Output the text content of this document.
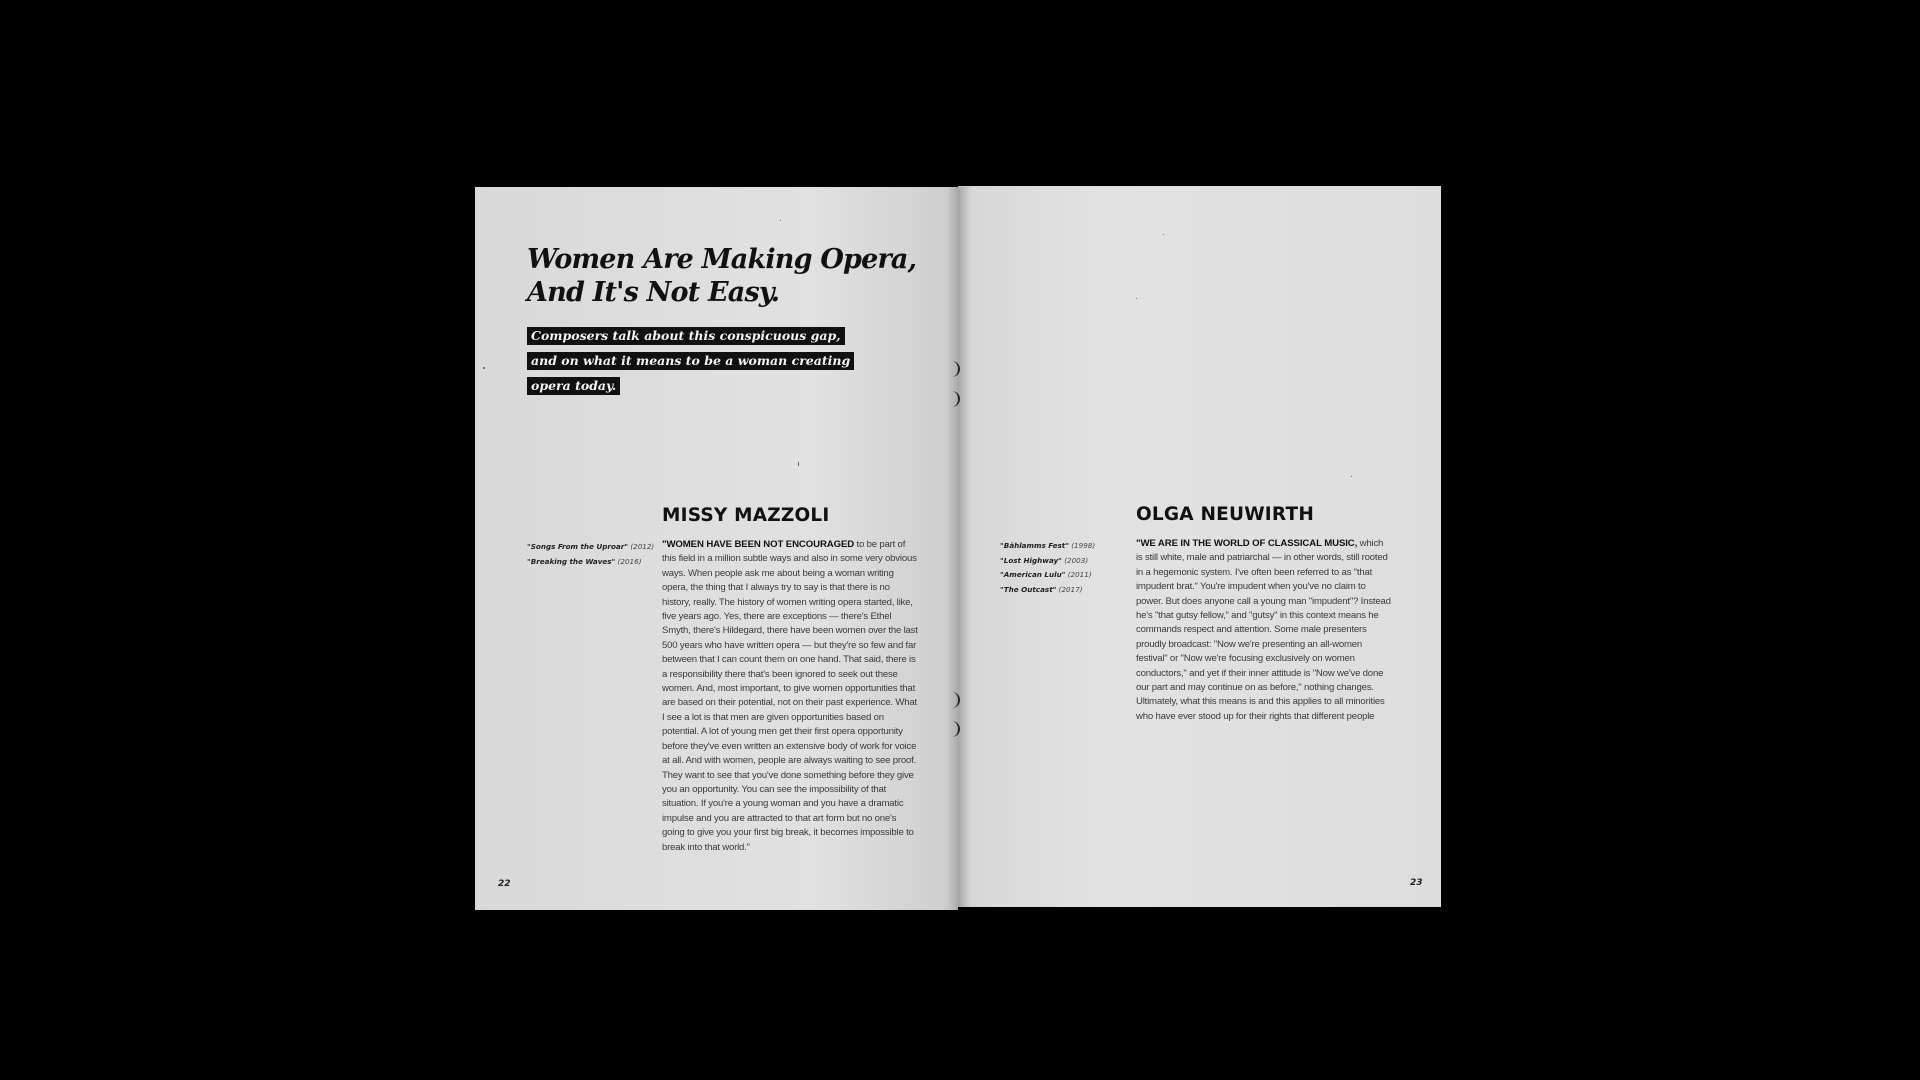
Women Are Making Opera,
And It's Not Easy.
Composers talk about this conspicuous gap,
and on what it means to be a woman creating
opera today.
MISSY MAZZOLI
"Songs From the Uproar" (2012)
"Breaking the Waves" (2016)

"WOMEN HAVE BEEN NOT ENCOURAGED to be part of this field in a million subtle ways and also in some very obvious ways. When people ask me about being a woman writing opera, the thing that I always try to say is that there is no history, really. The history of women writing opera started, like, five years ago. Yes, there are exceptions — there's Ethel Smyth, there's Hildegard, there have been women over the last 500 years who have written opera — but they're so few and far between that I can count them on one hand. That said, there is a responsibility there that's been ignored to seek out these women. And, most important, to give women opportunities that are based on their potential, not on their past experience. What I see a lot is that men are given opportunities based on potential. A lot of young men get their first opera opportunity before they've even written an extensive body of work for voice at all. And with women, people are always waiting to see proof. They want to see that you've done something before they give you an opportunity. You can see the impossibility of that situation. If you're a young woman and you have a dramatic impulse and you are attracted to that art form but no one's going to give you your first big break, it becomes impossible to break into that world."

22

OLGA NEUWIRTH
"Bählamms Fest" (1998)
"Lost Highway" (2003)
"American Lulu" (2011)
"The Outcast" (2017)

"WE ARE IN THE WORLD OF CLASSICAL MUSIC, which is still white, male and patriarchal — in other words, still rooted in a hegemonic system. I've often been referred to as "that impudent brat." You're impudent when you've no claim to power. But does anyone call a young man "impudent"? Instead he's "that gutsy fellow," and "gutsy" in this context means he commands respect and attention. Some male presenters proudly broadcast: "Now we're presenting an all-women festival" or "Now we're focusing exclusively on women conductors," and yet if their inner attitude is "Now we've done our part and may continue on as before," nothing changes. Ultimately, what this means is and this applies to all minorities who have ever stood up for their rights that different people

23
